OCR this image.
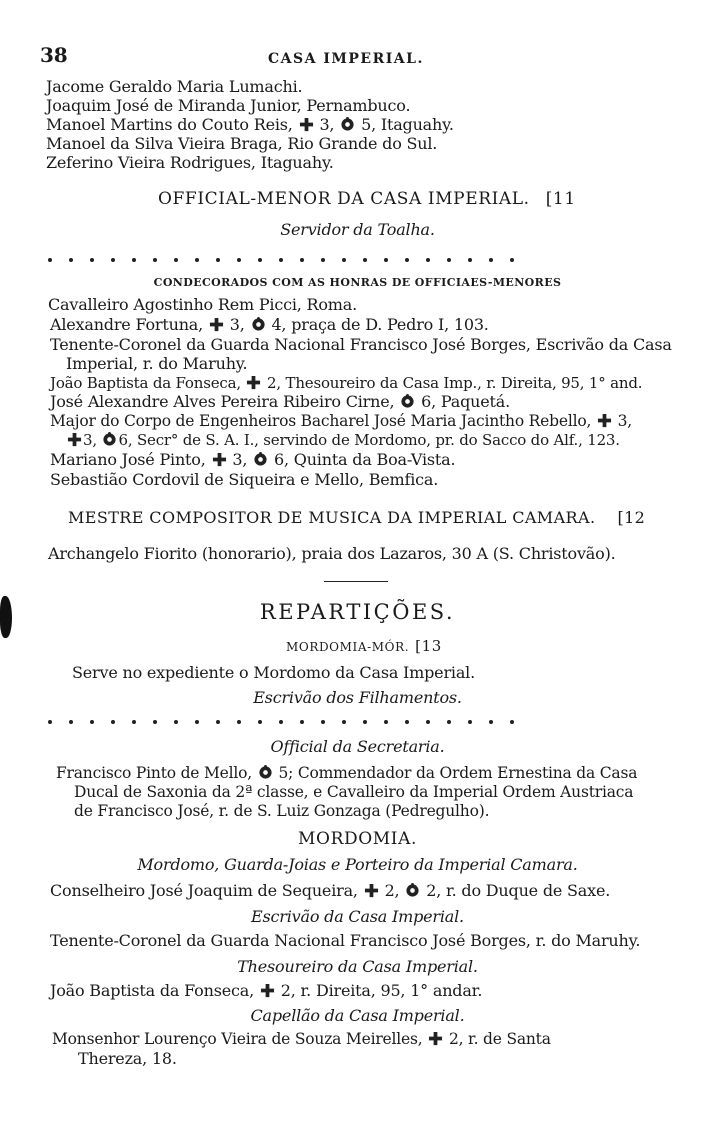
38	CASA IMPERIAL.
Jacome Geraldo Maria Lumachi.
Joaquim José de Miranda Junior, Pernambuco.
Manoel Martins do Couto Reis,  3,  5, Itaguahy.
Manoel da Silva Vieira Braga, Rio Grande do Sul.
Zeferino Vieira Rodrigues, Itaguahy.
OFFICIAL-MENOR DA CASA IMPERIAL. [11
Servidor da Toalha.
CONDECORADOS COM AS HONRAS DE OFFICIAES-MENORES
Cavalleiro Agostinho Rem Picci, Roma.
Alexandre Fortuna,  3,  4, praça de D. Pedro I, 103.
Tenente-Coronel da Guarda Nacional Francisco José Borges, Escrivão da Casa
Imperial, r. do Maruhy.
João Baptista da Fonseca,  2, Thesoureiro da Casa Imp., r. Direita, 95, 1° and.
José Alexandre Alves Pereira Ribeiro Cirne,  6, Paquetá.
Major do Corpo de Engenheiros Bacharel José Maria Jacintho Rebello,  3,
3, 6, Secr° de S. A. I., servindo de Mordomo, pr. do Sacco do Alf., 123.
Mariano José Pinto,  3,  6, Quinta da Boa-Vista.
Sebastião Cordovil de Siqueira e Mello, Bemfica.
MESTRE COMPOSITOR DE MUSICA DA IMPERIAL CAMARA. [12
Archangelo Fiorito (honorario), praia dos Lazaros, 30 A (S. Christovão).
REPARTIÇÕES.
MORDOMIA-MÓR. [13
Serve no expediente o Mordomo da Casa Imperial.
Escrivão dos Filhamentos.
Official da Secretaria.
Francisco Pinto de Mello,  5; Commendador da Ordem Ernestina da Casa
Ducal de Saxonia da 2ª classe, e Cavalleiro da Imperial Ordem Austriaca
de Francisco José, r. de S. Luiz Gonzaga (Pedregulho).
MORDOMIA.
Mordomo, Guarda-Joias e Porteiro da Imperial Camara.
Conselheiro José Joaquim de Sequeira,  2,  2, r. do Duque de Saxe.
Escrivão da Casa Imperial.
Tenente-Coronel da Guarda Nacional Francisco José Borges, r. do Maruhy.
Thesoureiro da Casa Imperial.
João Baptista da Fonseca,  2, r. Direita, 95, 1° andar.
Capellão da Casa Imperial.
Monsenhor Lourenço Vieira de Souza Meirelles,  2, r. de Santa
Thereza, 18.
